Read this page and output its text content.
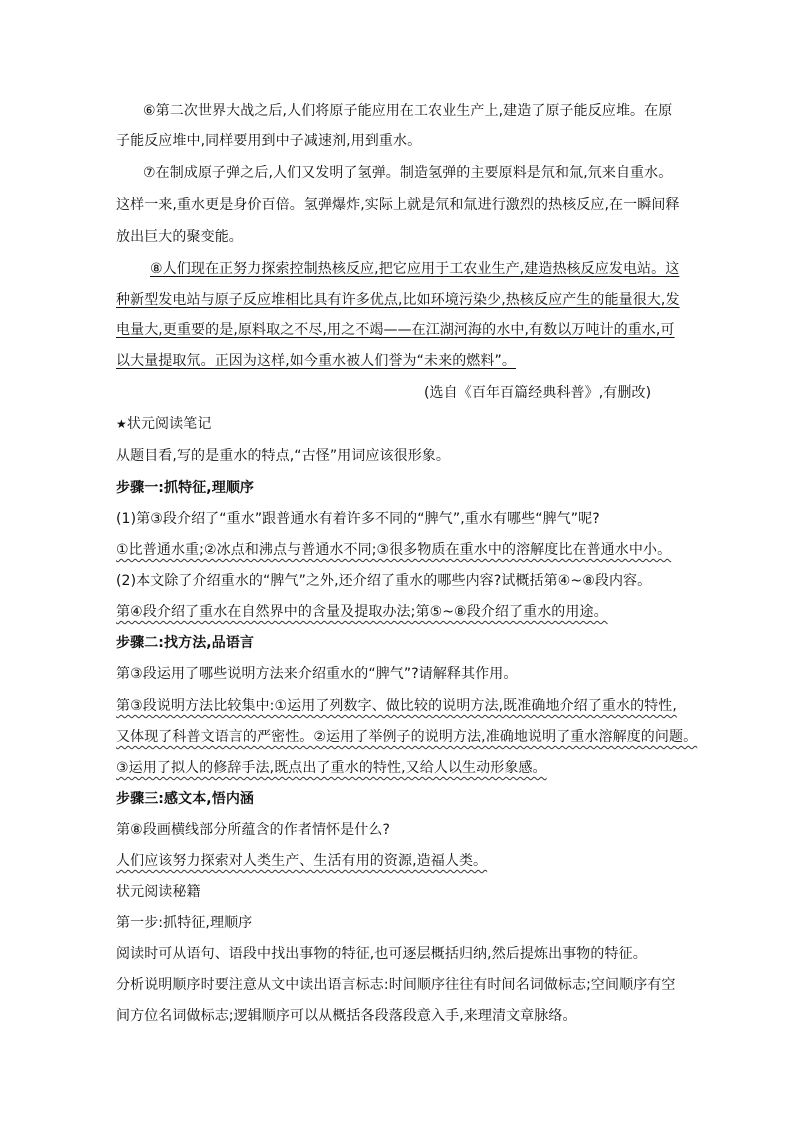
⑥第二次世界大战之后,人们将原子能应用在工农业生产上,建造了原子能反应堆。在原
子能反应堆中,同样要用到中子减速剂,用到重水。
⑦在制成原子弹之后,人们又发明了氢弹。制造氢弹的主要原料是氘和氚,氘来自重水。
这样一来,重水更是身价百倍。氢弹爆炸,实际上就是氘和氚进行激烈的热核反应,在一瞬间释
放出巨大的聚变能。
⑧人们现在正努力探索控制热核反应,把它应用于工农业生产,建造热核反应发电站。这
种新型发电站与原子反应堆相比具有许多优点,比如环境污染少,热核反应产生的能量很大,发
电量大,更重要的是,原料取之不尽,用之不竭——在江湖河海的水中,有数以万吨计的重水,可
以大量提取氘。正因为这样,如今重水被人们誉为“未来的燃料”。
(选自《百年百篇经典科普》,有删改)
★状元阅读笔记
从题目看,写的是重水的特点,“古怪”用词应该很形象。
步骤一:抓特征,理顺序
(1)第③段介绍了“重水”跟普通水有着许多不同的“脾气”,重水有哪些“脾气”呢?
①比普通水重;②冰点和沸点与普通水不同;③很多物质在重水中的溶解度比在普通水中小。
(2)本文除了介绍重水的“脾气”之外,还介绍了重水的哪些内容?试概括第④~⑧段内容。
第④段介绍了重水在自然界中的含量及提取办法;第⑤~⑧段介绍了重水的用途。
步骤二:找方法,品语言
第③段运用了哪些说明方法来介绍重水的“脾气”?请解释其作用。
第③段说明方法比较集中:①运用了列数字、做比较的说明方法,既准确地介绍了重水的特性,
又体现了科普文语言的严密性。②运用了举例子的说明方法,准确地说明了重水溶解度的问题。
③运用了拟人的修辞手法,既点出了重水的特性,又给人以生动形象感。
步骤三:感文本,悟内涵
第⑧段画横线部分所蕴含的作者情怀是什么?
人们应该努力探索对人类生产、生活有用的资源,造福人类。
状元阅读秘籍
第一步:抓特征,理顺序
阅读时可从语句、语段中找出事物的特征,也可逐层概括归纳,然后提炼出事物的特征。
分析说明顺序时要注意从文中读出语言标志:时间顺序往往有时间名词做标志;空间顺序有空
间方位名词做标志;逻辑顺序可以从概括各段落段意入手,来理清文章脉络。
